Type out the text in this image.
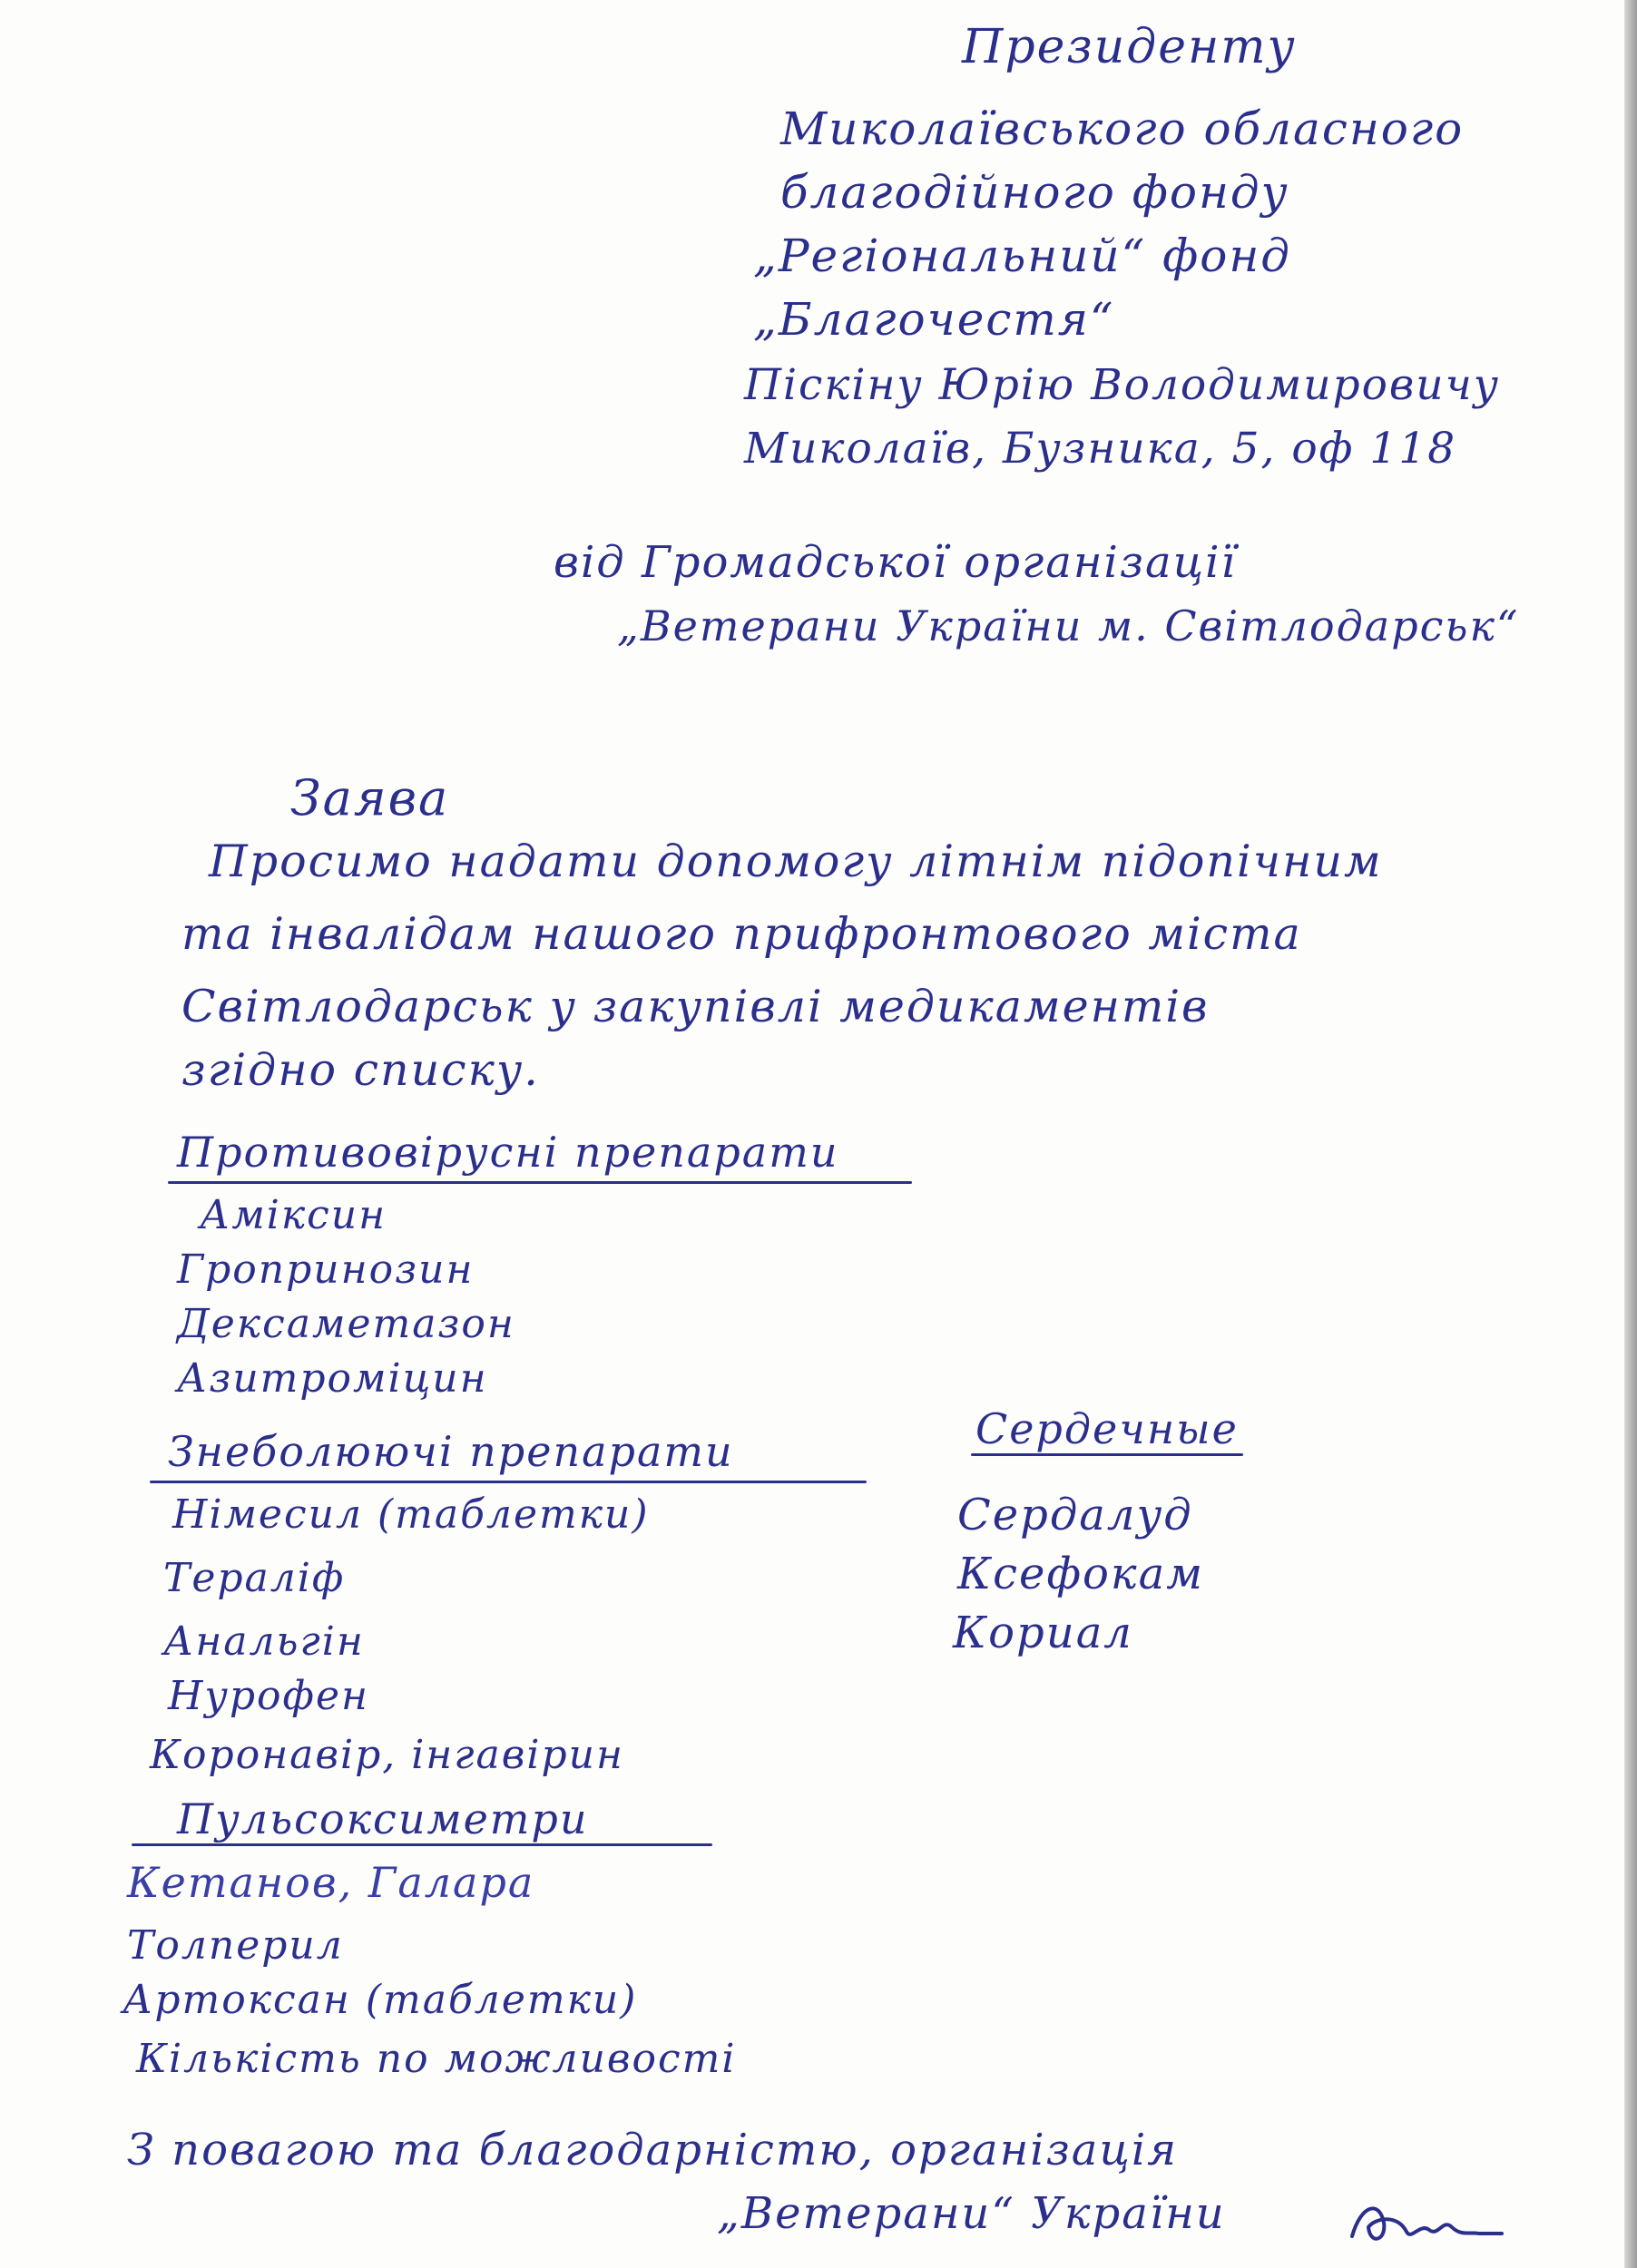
Президенту
Миколаївського обласного
благодійного фонду
„Регіональний“ фонд
„Благочестя“
Піскіну Юрію Володимировичу
Миколаїв, Бузника, 5, оф 118
від Громадської організації
„Ветерани України м. Світлодарськ“
Заява
Просимо надати допомогу літнім підопічним
та інвалідам нашого прифронтового міста
Світлодарськ у закупівлі медикаментів
згідно списку.
Противовірусні препарати
Аміксин
Гропринозин
Дексаметазон
Азитроміцин
Знеболюючі препарати
Німесил (таблетки)
Тераліф
Анальгін
Нурофен
Коронавір, інгавірин
Сердечные
Сердалуд
Ксефокам
Кориал
Пульсоксиметри
Кетанов, Галара
Толперил
Артоксан (таблетки)
Кількість по можливості
З повагою та благодарністю, організація
„Ветерани“ України
